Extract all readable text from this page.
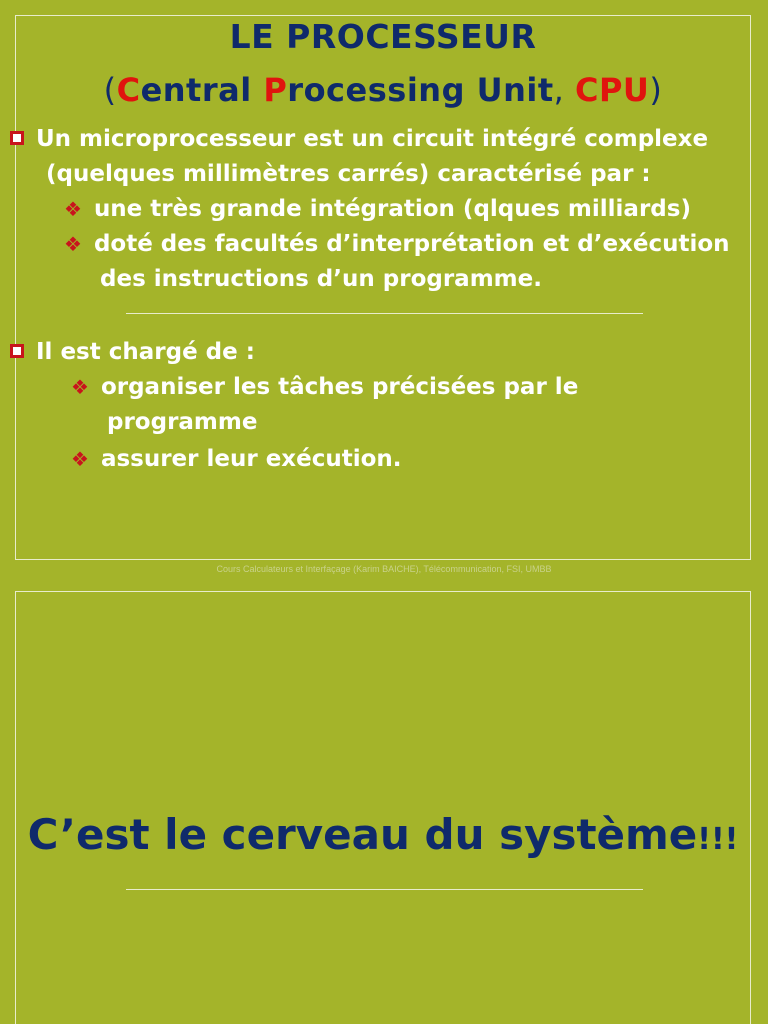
LE PROCESSEUR
(Central Processing Unit, CPU)
Un microprocesseur est un circuit intégré complexe
(quelques millimètres carrés) caractérisé par :
❖ une très grande intégration (qlques milliards)
❖ doté des facultés d’interprétation et d’exécution
des instructions d’un programme.
Il est chargé de :
❖ organiser les tâches précisées par le
programme
❖ assurer leur exécution.
Cours Calculateurs et Interfaçage (Karim BAICHE), Télécommunication, FSI, UMBB
C’est le cerveau du système!!!
